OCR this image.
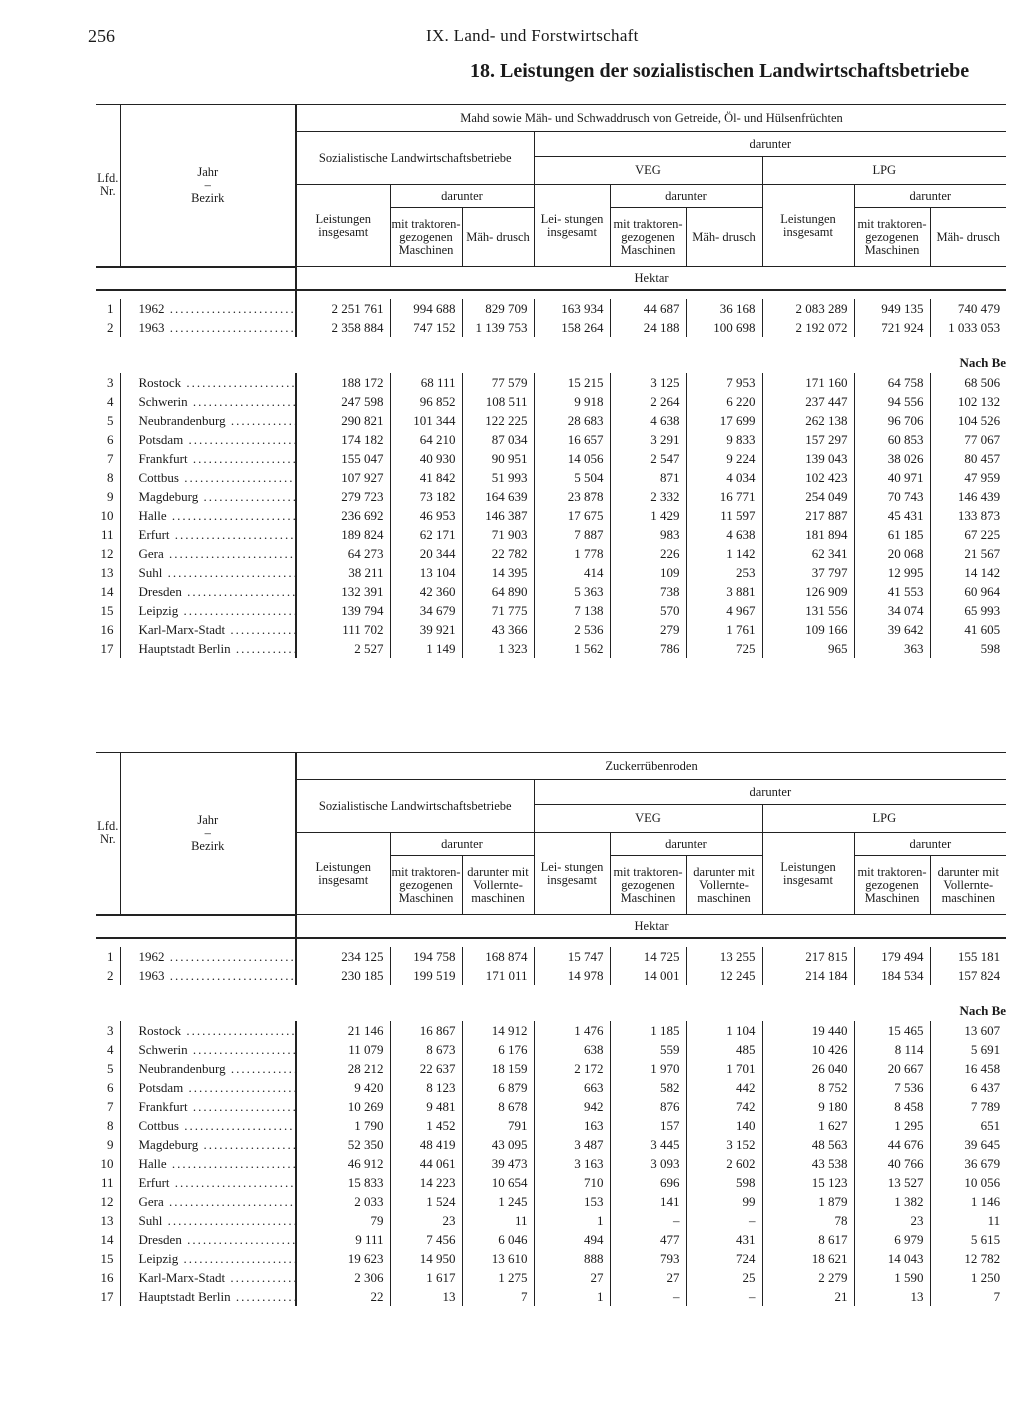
256	IX. Land- und Forstwirtschaft
18. Leistungen der sozialistischen Landwirtschaftsbetriebe
Lfd. Nr.	Jahr
–
Bezirk	Mahd sowie Mäh- und Schwaddrusch von Getreide, Öl- und Hülsenfrüchten								
		Sozialistische Landwirtschaftsbetriebe			darunter					
					VEG			LPG		
		Leistungen insgesamt	darunter		Lei- stungen insgesamt	darunter		Leistungen insgesamt	darunter	
			mit traktoren- gezogenen Maschinen	Mäh- drusch		mit traktoren- gezogenen Maschinen	Mäh- drusch		mit traktoren- gezogenen Maschinen	Mäh- drusch
		Hektar								

1	1962 .....	2 251 761	994 688	829 709	163 934	44 687	36 168	2 083 289	949 135	740 479
2	1963 .....	2 358 884	747 152	1 139 753	158 264	24 188	100 698	2 192 072	721 924	1 033 053

Nach Be										

3	Rostock .....	188 172	68 111	77 579	15 215	3 125	7 953	171 160	64 758	68 506
4	Schwerin .....	247 598	96 852	108 511	9 918	2 264	6 220	237 447	94 556	102 132
5	Neubrandenburg .....	290 821	101 344	122 225	28 683	4 638	17 699	262 138	96 706	104 526
6	Potsdam .....	174 182	64 210	87 034	16 657	3 291	9 833	157 297	60 853	77 067
7	Frankfurt .....	155 047	40 930	90 951	14 056	2 547	9 224	139 043	38 026	80 457
8	Cottbus .....	107 927	41 842	51 993	5 504	871	4 034	102 423	40 971	47 959
9	Magdeburg .....	279 723	73 182	164 639	23 878	2 332	16 771	254 049	70 743	146 439
10	Halle .....	236 692	46 953	146 387	17 675	1 429	11 597	217 887	45 431	133 873
11	Erfurt .....	189 824	62 171	71 903	7 887	983	4 638	181 894	61 185	67 225
12	Gera .....	64 273	20 344	22 782	1 778	226	1 142	62 341	20 068	21 567
13	Suhl .....	38 211	13 104	14 395	414	109	253	37 797	12 995	14 142
14	Dresden .....	132 391	42 360	64 890	5 363	738	3 881	126 909	41 553	60 964
15	Leipzig .....	139 794	34 679	71 775	7 138	570	4 967	131 556	34 074	65 993
16	Karl-Marx-Stadt .....	111 702	39 921	43 366	2 536	279	1 761	109 166	39 642	41 605
17	Hauptstadt Berlin .....	2 527	1 149	1 323	1 562	786	725	965	363	598
Lfd. Nr.	Jahr
–
Bezirk	Zuckerrübenroden								
		Sozialistische Landwirtschaftsbetriebe			darunter					
					VEG			LPG		
		Leistungen insgesamt	darunter		Lei- stungen insgesamt	darunter		Leistungen insgesamt	darunter	
			mit traktoren- gezogenen Maschinen	darunter mit Vollernte- maschinen		mit traktoren- gezogenen Maschinen	darunter mit Vollernte- maschinen		mit traktoren- gezogenen Maschinen	darunter mit Vollernte- maschinen
		Hektar								

1	1962 .....	234 125	194 758	168 874	15 747	14 725	13 255	217 815	179 494	155 181
2	1963 .....	230 185	199 519	171 011	14 978	14 001	12 245	214 184	184 534	157 824

Nach Be										

3	Rostock .....	21 146	16 867	14 912	1 476	1 185	1 104	19 440	15 465	13 607
4	Schwerin .....	11 079	8 673	6 176	638	559	485	10 426	8 114	5 691
5	Neubrandenburg .....	28 212	22 637	18 159	2 172	1 970	1 701	26 040	20 667	16 458
6	Potsdam .....	9 420	8 123	6 879	663	582	442	8 752	7 536	6 437
7	Frankfurt .....	10 269	9 481	8 678	942	876	742	9 180	8 458	7 789
8	Cottbus .....	1 790	1 452	791	163	157	140	1 627	1 295	651
9	Magdeburg .....	52 350	48 419	43 095	3 487	3 445	3 152	48 563	44 676	39 645
10	Halle .....	46 912	44 061	39 473	3 163	3 093	2 602	43 538	40 766	36 679
11	Erfurt .....	15 833	14 223	10 654	710	696	598	15 123	13 527	10 056
12	Gera .....	2 033	1 524	1 245	153	141	99	1 879	1 382	1 146
13	Suhl .....	79	23	11	1	–	–	78	23	11
14	Dresden .....	9 111	7 456	6 046	494	477	431	8 617	6 979	5 615
15	Leipzig .....	19 623	14 950	13 610	888	793	724	18 621	14 043	12 782
16	Karl-Marx-Stadt .....	2 306	1 617	1 275	27	27	25	2 279	1 590	1 250
17	Hauptstadt Berlin .....	22	13	7	1	–	–	21	13	7
